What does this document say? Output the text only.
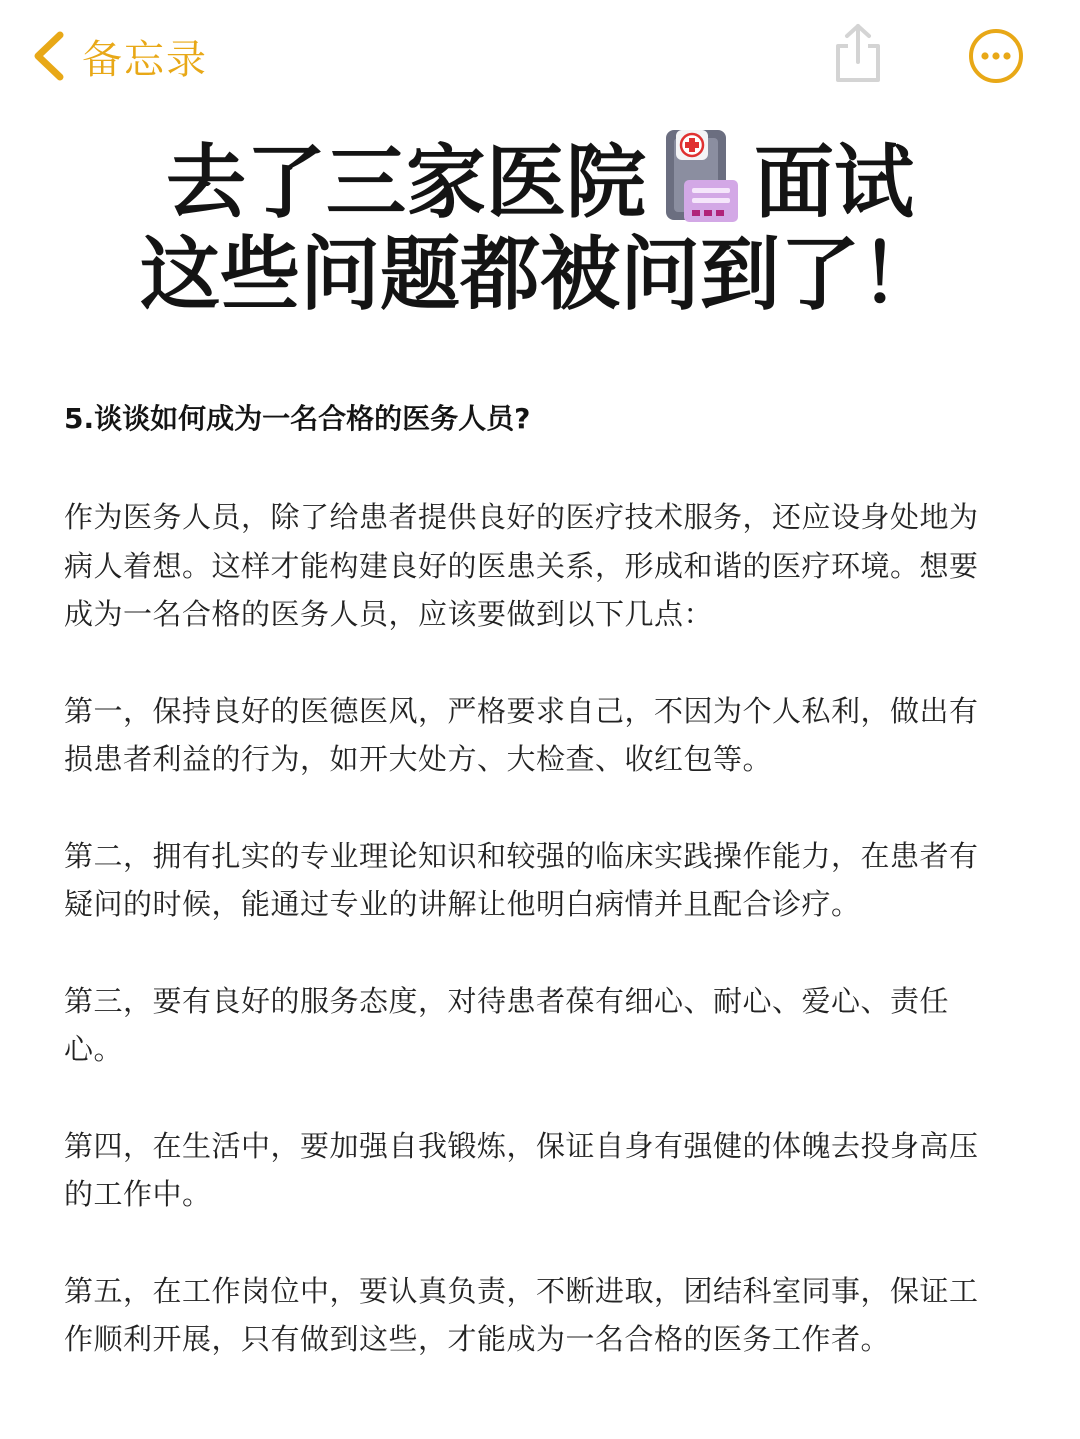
备忘录
去了三家医院 面试
这些问题都被问到了！

5.谈谈如何成为一名合格的医务人员?

作为医务人员，除了给患者提供良好的医疗技术服务，还应设身处地为病人着想。这样才能构建良好的医患关系，形成和谐的医疗环境。想要成为一名合格的医务人员，应该要做到以下几点：

第一，保持良好的医德医风，严格要求自己，不因为个人私利，做出有损患者利益的行为，如开大处方、大检查、收红包等。

第二，拥有扎实的专业理论知识和较强的临床实践操作能力，在患者有疑问的时候，能通过专业的讲解让他明白病情并且配合诊疗。

第三，要有良好的服务态度，对待患者葆有细心、耐心、爱心、责任心。

第四，在生活中，要加强自我锻炼，保证自身有强健的体魄去投身高压的工作中。

第五，在工作岗位中，要认真负责，不断进取，团结科室同事，保证工作顺利开展，只有做到这些，才能成为一名合格的医务工作者。
